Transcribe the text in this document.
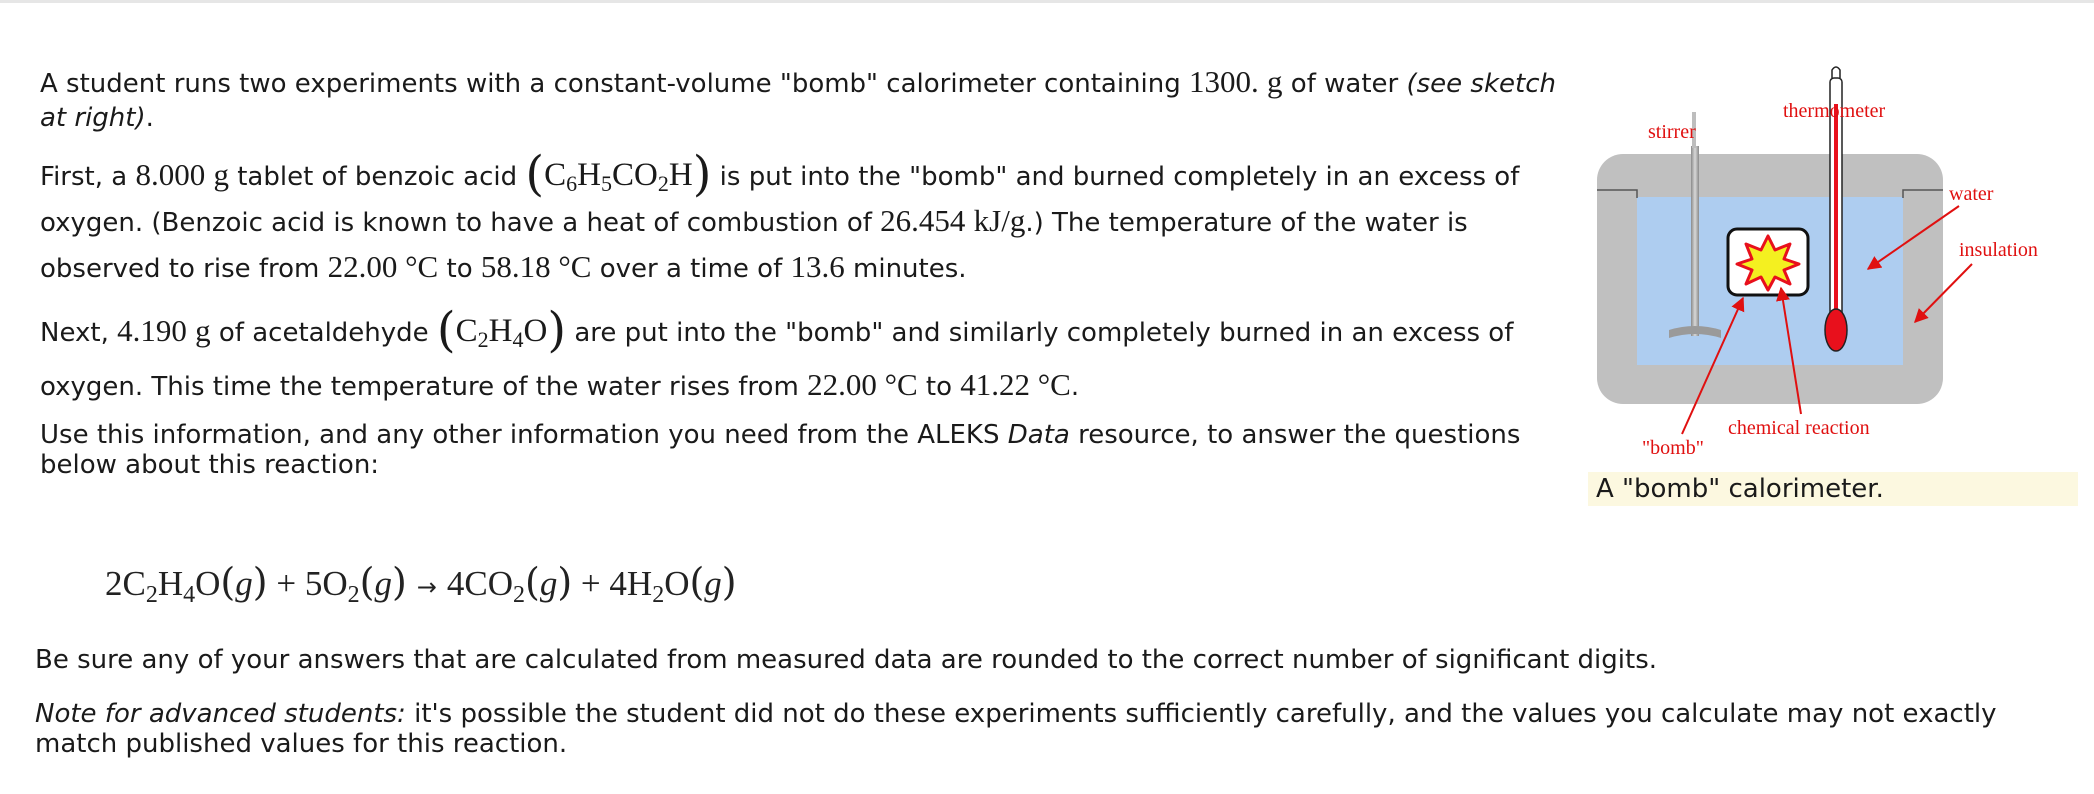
A student runs two experiments with a constant-volume "bomb" calorimeter containing 1300. g of water (see sketch at right).

First, a 8.000 g tablet of benzoic acid $(C_6H_5CO_2H)$ is put into the "bomb" and burned completely in an excess of oxygen. (Benzoic acid is known to have a heat of combustion of 26.454 kJ/g.) The temperature of the water is observed to rise from 22.00 °C to 58.18 °C over a time of 13.6 minutes.

Next, 4.190 g of acetaldehyde $(C_2H_4O)$ are put into the "bomb" and similarly completely burned in an excess of oxygen. This time the temperature of the water rises from 22.00 °C to 41.22 °C.

Use this information, and any other information you need from the ALEKS Data resource, to answer the questions below about this reaction:

$2C_2H_4O(g) + 5O_2(g) \to 4CO_2(g) + 4H_2O(g)$
Be sure any of your answers that are calculated from measured data are rounded to the correct number of significant digits.
Note for advanced students: it's possible the student did not do these experiments sufficiently carefully, and the values you calculate may not exactly match published values for this reaction.
thermometer
stirrer
water
insulation
chemical reaction
"bomb"
A "bomb" calorimeter.
